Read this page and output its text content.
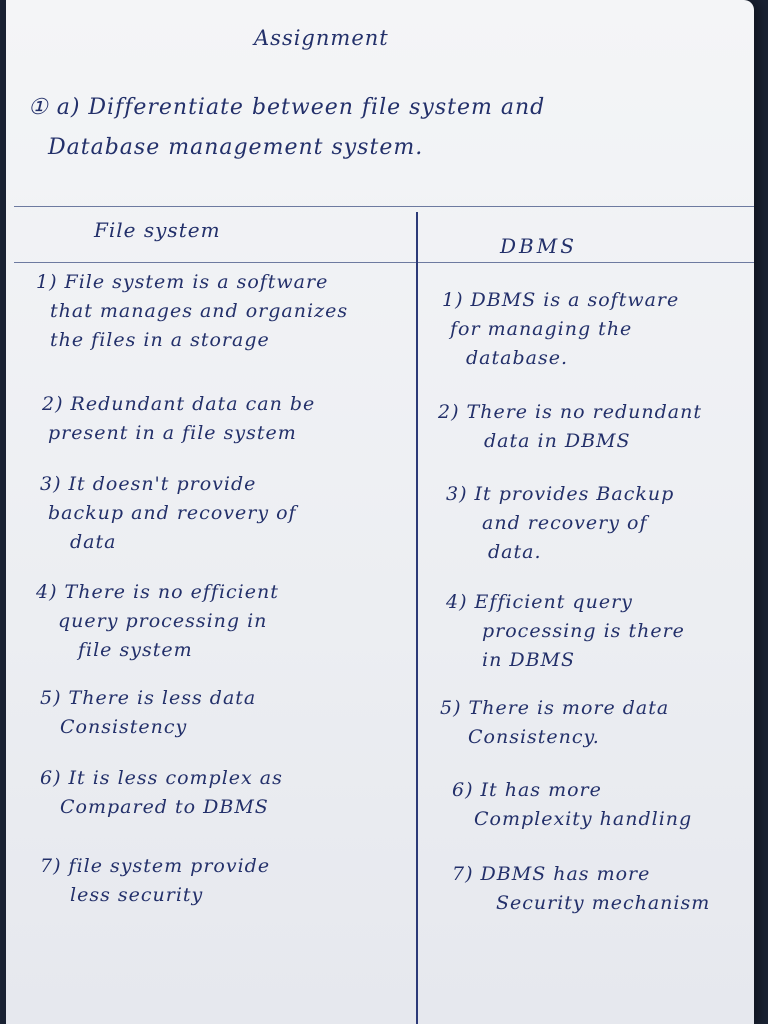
Assignment
① a) Differentiate between file system and
Database management system.
File system
DBMS
1) File system is a software
that manages and organizes
the files in a storage
2) Redundant data can be
present in a file system
3) It doesn't provide
backup and recovery of
data
4) There is no efficient
query processing in
file system
5) There is less data
Consistency
6) It is less complex as
Compared to DBMS
7) file system provide
less security
1) DBMS is a software
for managing the
database.
2) There is no redundant
data in DBMS
3) It provides Backup
and recovery of
data.
4) Efficient query
processing is there
in DBMS
5) There is more data
Consistency.
6) It has more
Complexity handling
7) DBMS has more
Security mechanism
